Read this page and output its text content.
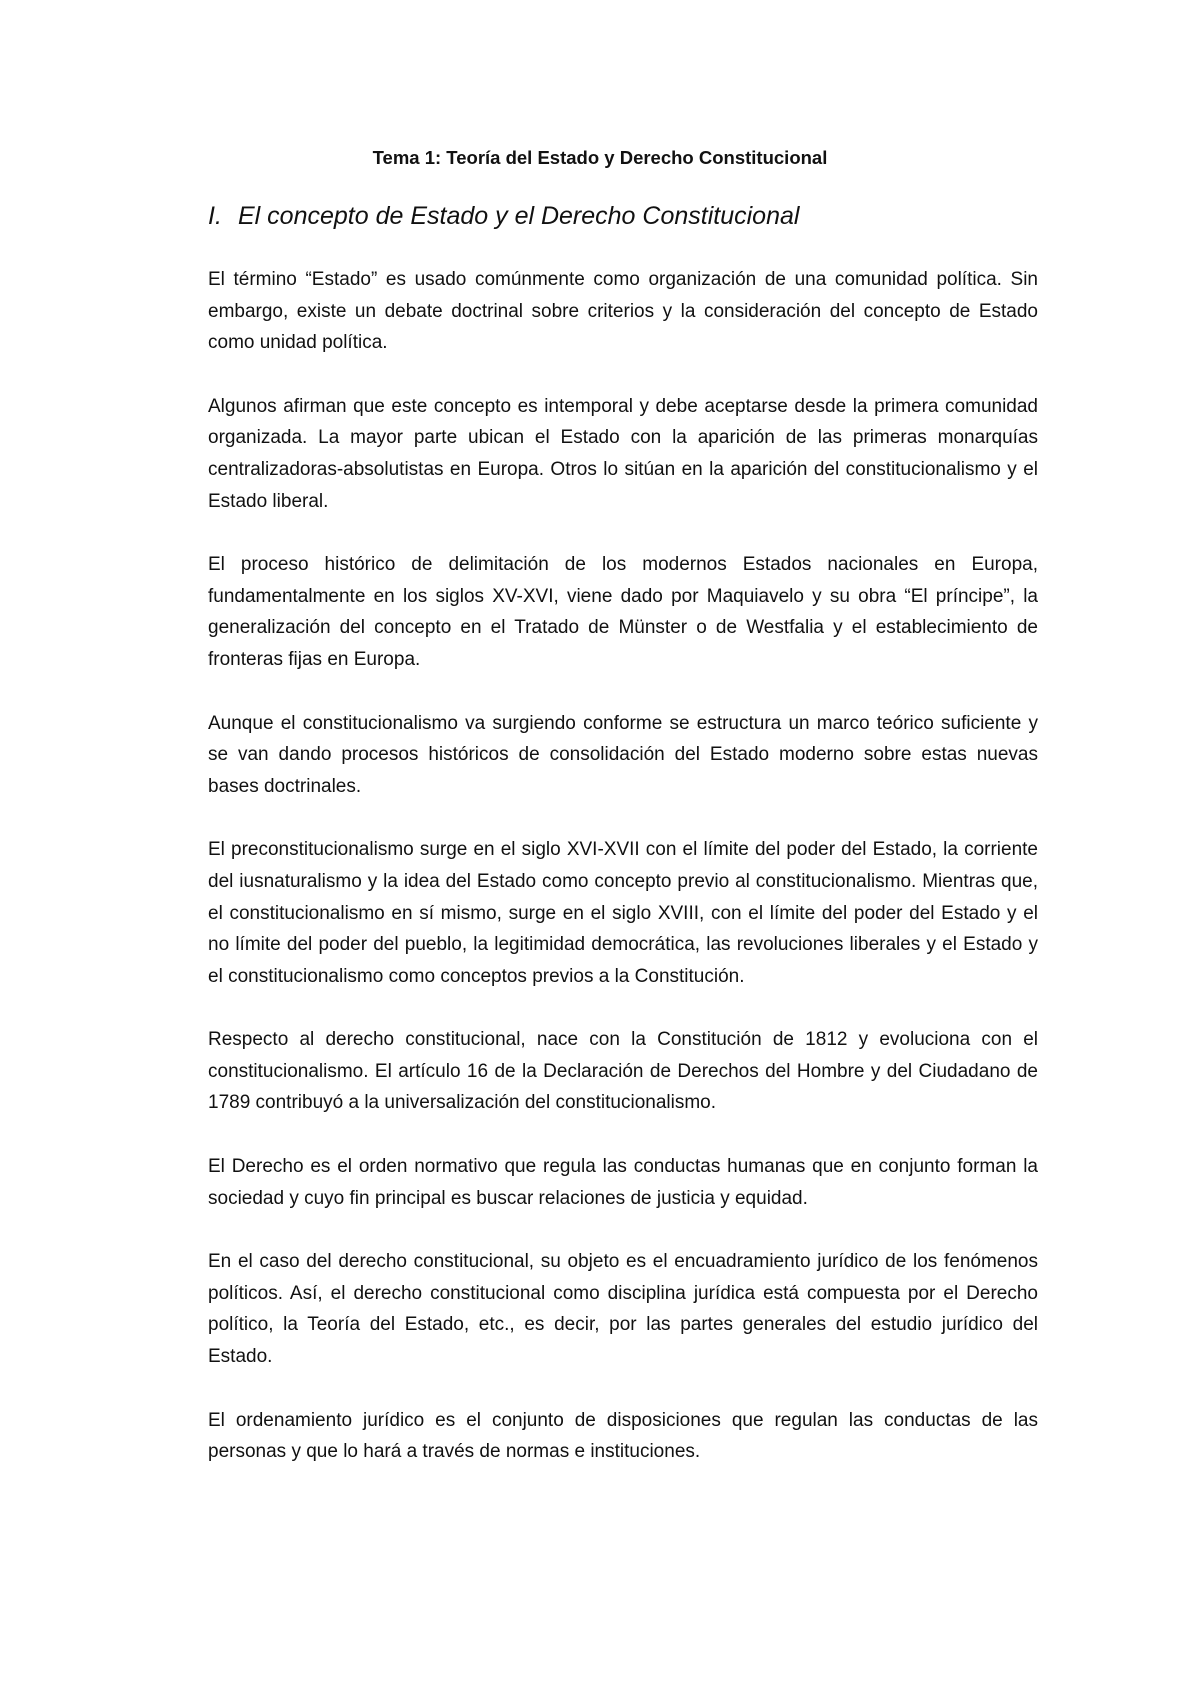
Tema 1: Teoría del Estado y Derecho Constitucional
I. El concepto de Estado y el Derecho Constitucional

El término “Estado” es usado comúnmente como organización de una comunidad política. Sin embargo, existe un debate doctrinal sobre criterios y la consideración del concepto de Estado como unidad política.

Algunos afirman que este concepto es intemporal y debe aceptarse desde la primera comunidad organizada. La mayor parte ubican el Estado con la aparición de las primeras monarquías centralizadoras-absolutistas en Europa. Otros lo sitúan en la aparición del constitucionalismo y el Estado liberal.

El proceso histórico de delimitación de los modernos Estados nacionales en Europa, fundamentalmente en los siglos XV-XVI, viene dado por Maquiavelo y su obra “El príncipe”, la generalización del concepto en el Tratado de Münster o de Westfalia y el establecimiento de fronteras fijas en Europa.

Aunque el constitucionalismo va surgiendo conforme se estructura un marco teórico suficiente y se van dando procesos históricos de consolidación del Estado moderno sobre estas nuevas bases doctrinales.

El preconstitucionalismo surge en el siglo XVI-XVII con el límite del poder del Estado, la corriente del iusnaturalismo y la idea del Estado como concepto previo al constitucionalismo. Mientras que, el constitucionalismo en sí mismo, surge en el siglo XVIII, con el límite del poder del Estado y el no límite del poder del pueblo, la legitimidad democrática, las revoluciones liberales y el Estado y el constitucionalismo como conceptos previos a la Constitución.

Respecto al derecho constitucional, nace con la Constitución de 1812 y evoluciona con el constitucionalismo. El artículo 16 de la Declaración de Derechos del Hombre y del Ciudadano de 1789 contribuyó a la universalización del constitucionalismo.

El Derecho es el orden normativo que regula las conductas humanas que en conjunto forman la sociedad y cuyo fin principal es buscar relaciones de justicia y equidad.

En el caso del derecho constitucional, su objeto es el encuadramiento jurídico de los fenómenos políticos. Así, el derecho constitucional como disciplina jurídica está compuesta por el Derecho político, la Teoría del Estado, etc., es decir, por las partes generales del estudio jurídico del Estado.

El ordenamiento jurídico es el conjunto de disposiciones que regulan las conductas de las personas y que lo hará a través de normas e instituciones.
